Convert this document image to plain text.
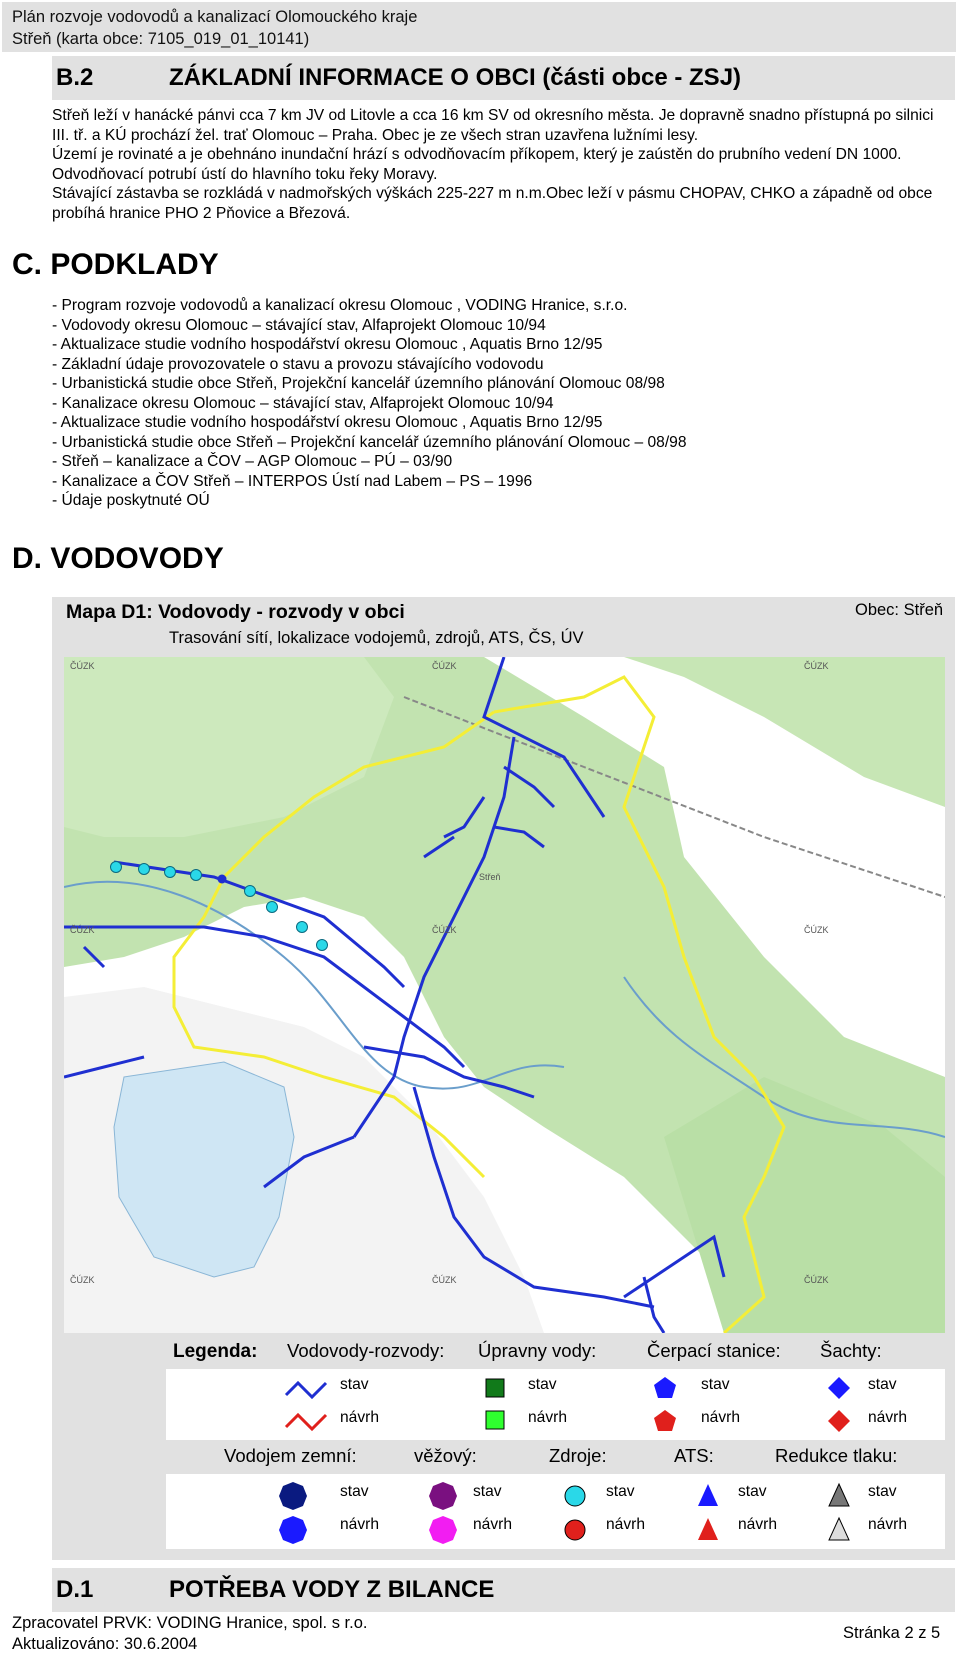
Plán rozvoje vodovodů a kanalizací Olomouckého kraje
Střeň (karta obce: 7105_019_01_10141)
B.2	ZÁKLADNÍ INFORMACE O OBCI (části obce - ZSJ)

Střeň leží v hanácké pánvi cca 7 km JV od Litovle a cca 16 km SV od okresního města. Je dopravně snadno přístupná po silnici III. tř. a KÚ prochází žel. trať Olomouc – Praha. Obec je ze všech stran uzavřena lužními lesy.

Území je rovinaté a je obehnáno inundační hrází s odvodňovacím příkopem, který je zaústěn do prubního vedení DN 1000. Odvodňovací potrubí ústí do hlavního toku řeky Moravy.

Stávající zástavba se rozkládá v nadmořských výškách 225-227 m n.m.Obec leží v pásmu CHOPAV, CHKO a západně od obce probíhá hranice PHO 2 Pňovice a Březová.

C. PODKLADY
- Program rozvoje vodovodů a kanalizací okresu Olomouc , VODING Hranice, s.r.o.
- Vodovody okresu Olomouc – stávající stav, Alfaprojekt Olomouc 10/94
- Aktualizace studie vodního hospodářství okresu Olomouc , Aquatis Brno 12/95
- Základní údaje provozovatele o stavu a provozu stávajícího vodovodu
- Urbanistická studie obce Střeň, Projekční kancelář územního plánování Olomouc 08/98
- Kanalizace okresu Olomouc – stávající stav, Alfaprojekt Olomouc 10/94
- Aktualizace studie vodního hospodářství okresu Olomouc , Aquatis Brno 12/95
- Urbanistická studie obce Střeň – Projekční kancelář územního plánování Olomouc – 08/98
- Střeň – kanalizace a ČOV – AGP Olomouc – PÚ – 03/90
- Kanalizace a ČOV Střeň – INTERPOS Ústí nad Labem – PS – 1996
- Údaje poskytnuté OÚ
D. VODOVODY
Mapa D1: Vodovody - rozvody v obci
Trasování sítí, lokalizace vodojemů, zdrojů, ATS, ČS, ÚV
Obec: Střeň
ČÚZK	ČÚZK
ČÚZK	ČÚZK	ČÚZK
ČÚZK	ČÚZK	ČÚZK
ČÚZK
Střeň
Legenda: Vodovody-rozvody: Úpravny vody:	Čerpací stanice: Šachty:
stav
návrh
stav
návrh
stav
návrh
stav
návrh
Vodojem zemní:	věžový:	Zdroje:	ATS:	Redukce tlaku:
stav
návrh
stav
návrh
stav
návrh
stav
návrh
stav
návrh
D.1	POTŘEBA VODY Z BILANCE
Zpracovatel PRVK: VODING Hranice, spol. s r.o.
Aktualizováno: 30.6.2004
Stránka 2 z 5
